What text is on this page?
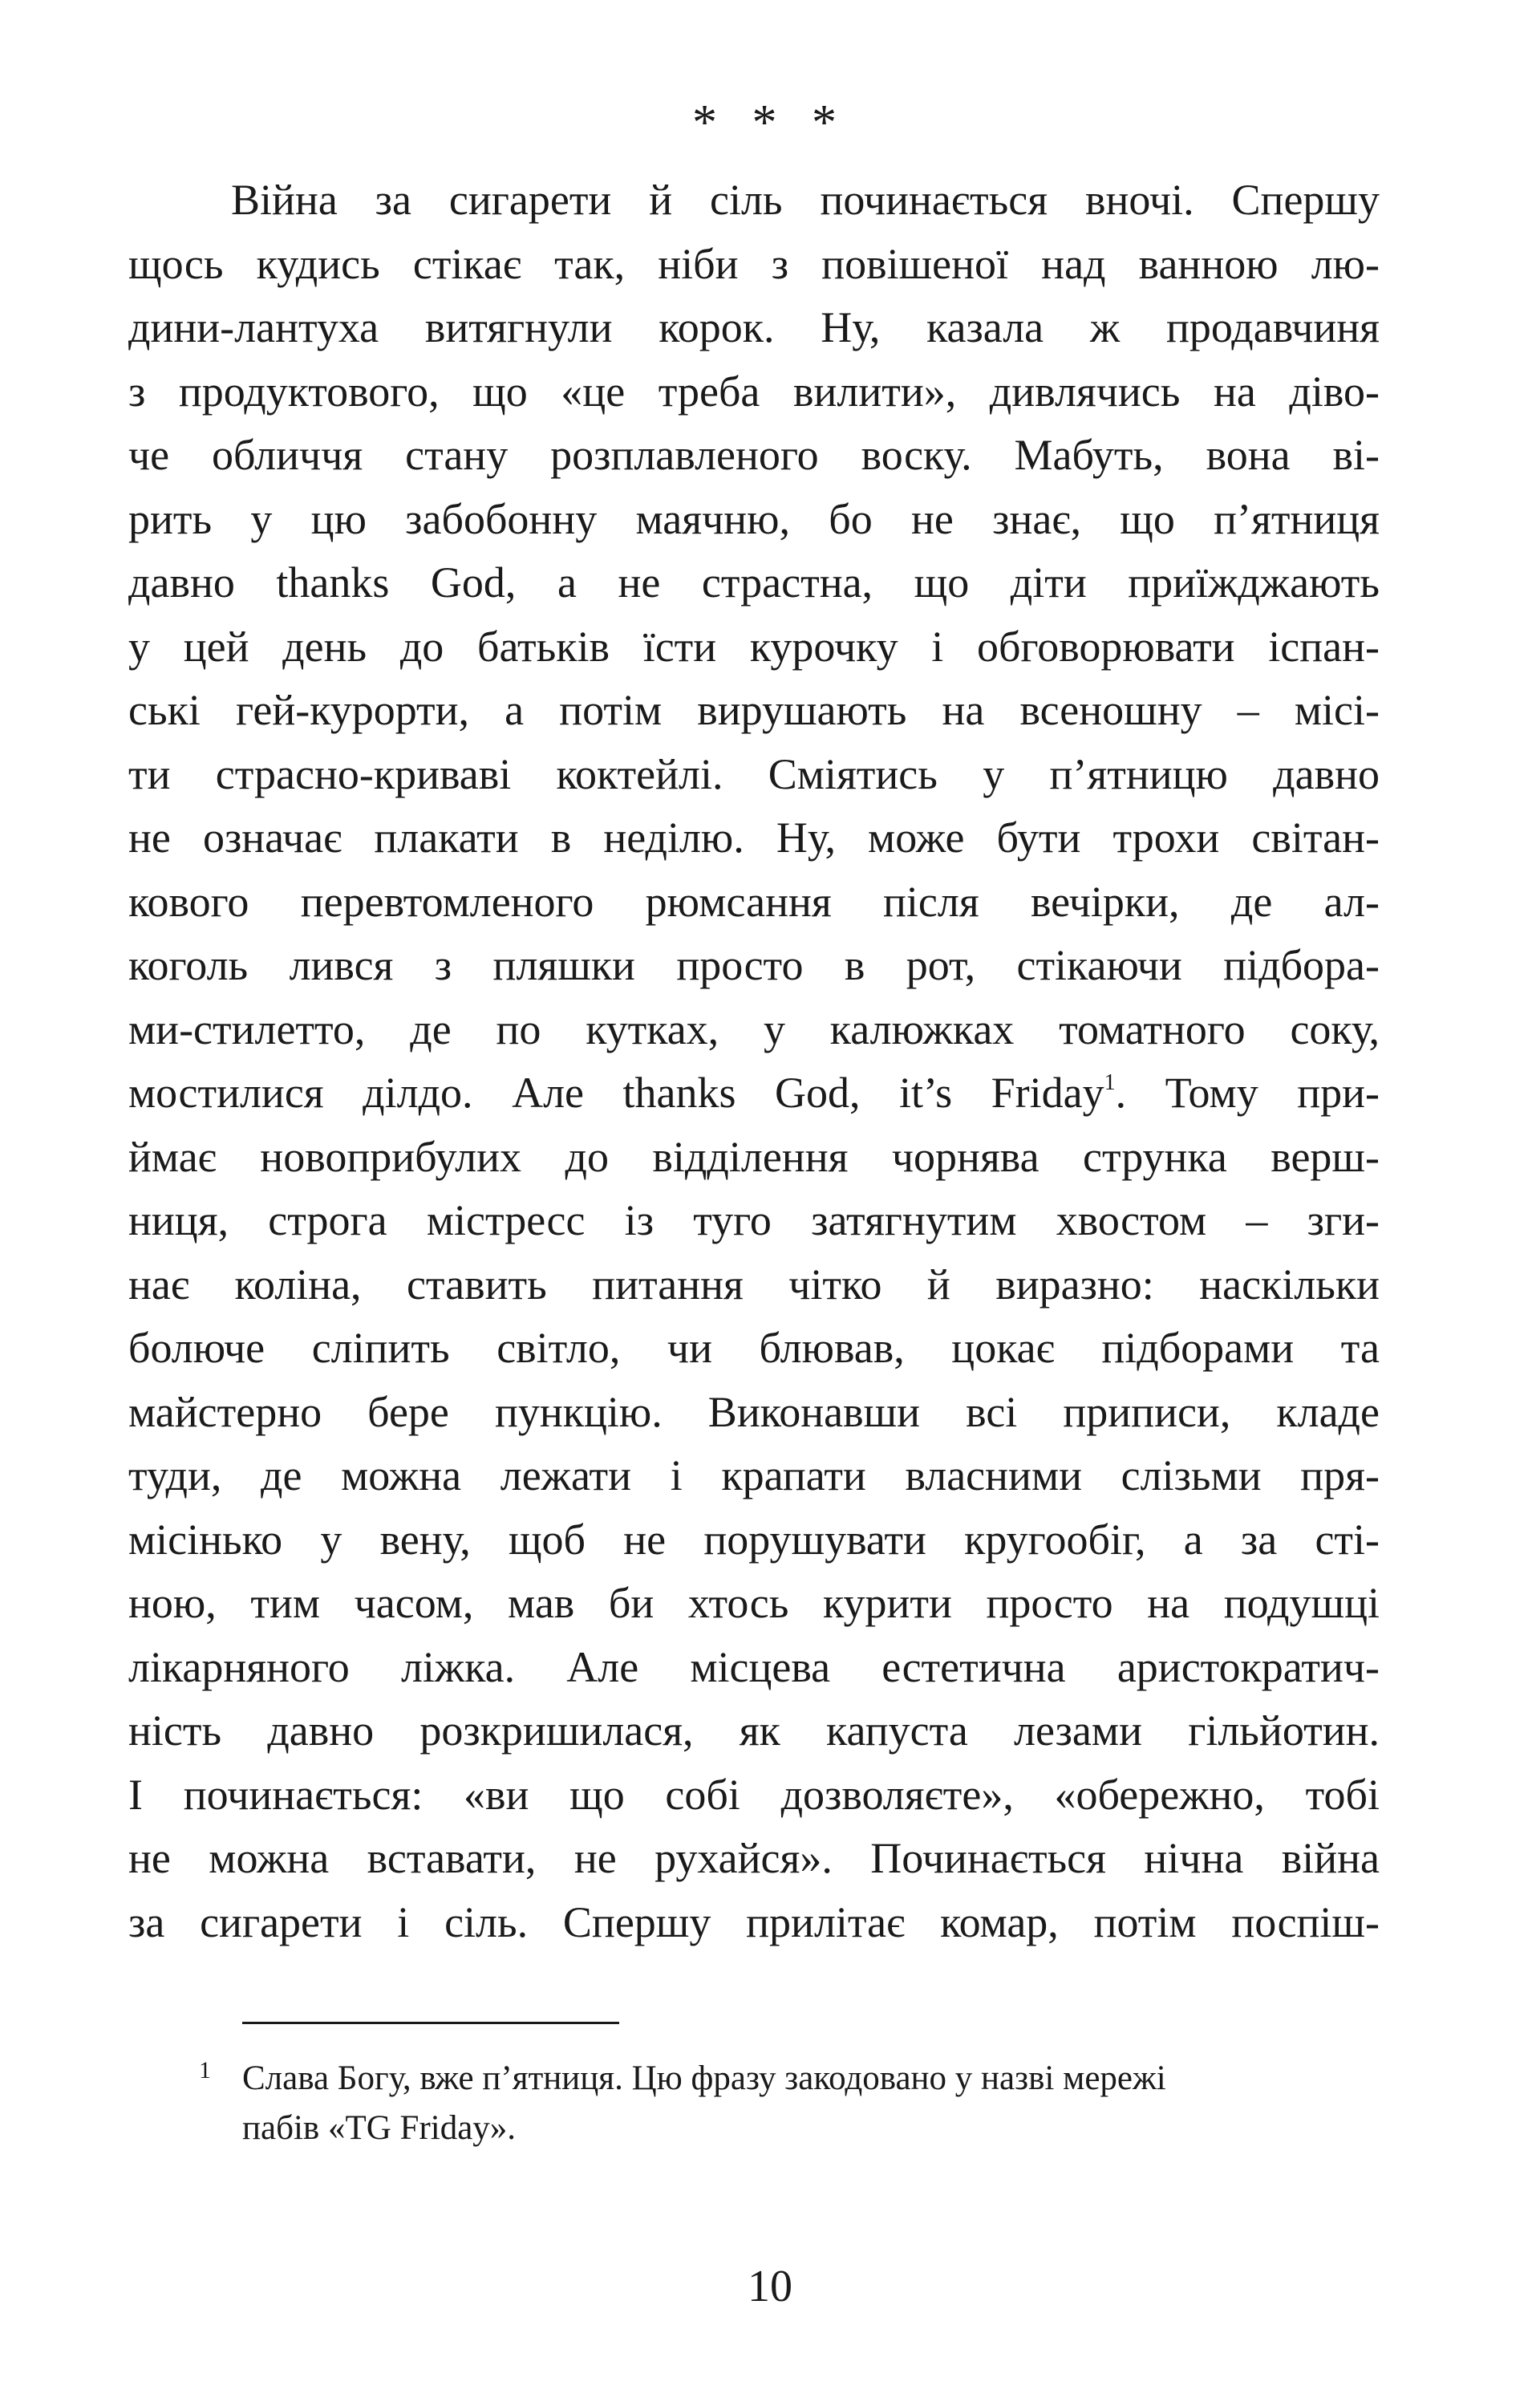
* * *
Війна за сигарети й сіль починається вночі. Спершу
щось кудись стікає так, ніби з повішеної над ванною лю-
дини-лантуха витягнули корок. Ну, казала ж продавчиня
з продуктового, що «це треба вилити», дивлячись на діво-
че обличчя стану розплавленого воску. Мабуть, вона ві-
рить у цю забобонну маячню, бо не знає, що п’ятниця
давно thanks God, а не страстна, що діти приїжджають
у цей день до батьків їсти курочку і обговорювати іспан-
ські гей-курорти, а потім вирушають на всеношну – місі-
ти страсно-криваві коктейлі. Сміятись у п’ятницю давно
не означає плакати в неділю. Ну, може бути трохи світан-
кового перевтомленого рюмсання після вечірки, де ал-
коголь лився з пляшки просто в рот, стікаючи підбора-
ми-стилетто, де по кутках, у калюжках томатного соку,
мостилися ділдо. Але thanks God, it’s Friday$^1$. Тому при-
ймає новоприбулих до відділення чорнява струнка верш-
ниця, строга містресс із туго затягнутим хвостом – зги-
нає коліна, ставить питання чітко й виразно: наскільки
болюче сліпить світло, чи блював, цокає підборами та
майстерно бере пункцію. Виконавши всі приписи, кладе
туди, де можна лежати і крапати власними слізьми пря-
місінько у вену, щоб не порушувати кругообіг, а за сті-
ною, тим часом, мав би хтось курити просто на подушці
лікарняного ліжка. Але місцева естетична аристократич-
ність давно розкришилася, як капуста лезами гільйотин.
І починається: «ви що собі дозволяєте», «обережно, тобі
не можна вставати, не рухайся». Починається нічна війна
за сигарети і сіль. Спершу прилітає комар, потім поспіш-
1 Слава Богу, вже п’ятниця. Цю фразу закодовано у назві мережі
пабів «TG Friday».
10
